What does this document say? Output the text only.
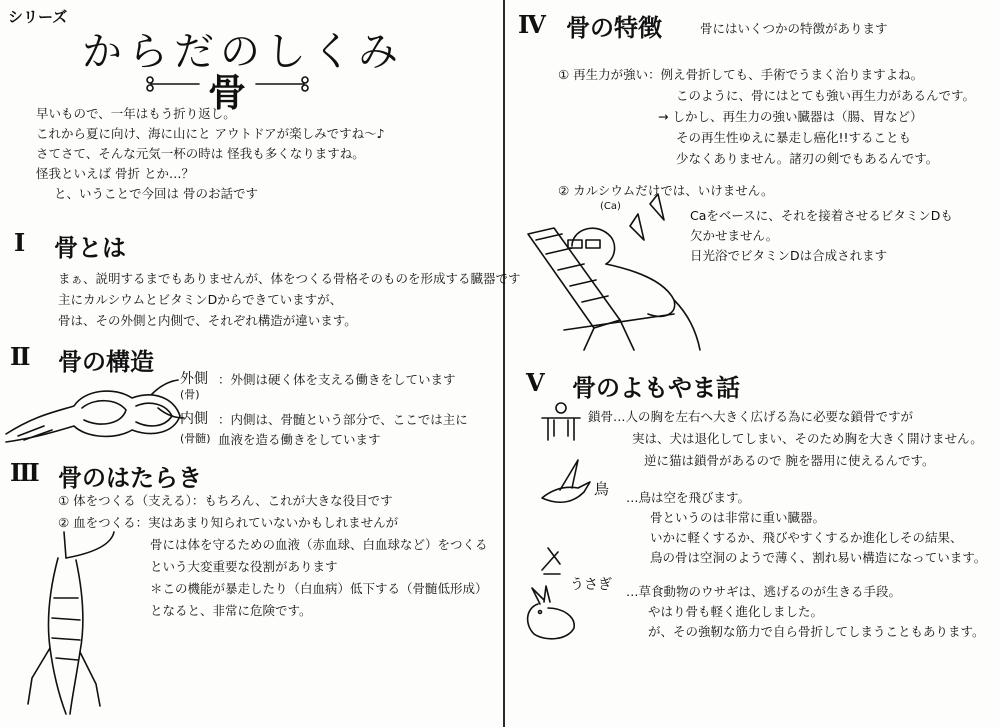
シリーズ
からだのしくみ
骨
早いもので、一年はもう折り返し。
これから夏に向け、海に山にと アウトドアが楽しみですね～♪
さてさて、そんな元気一杯の時は 怪我も多くなりますね。
怪我といえば 骨折 とか…？
と、いうことで今回は 骨のお話です
I 骨とは
まぁ、説明するまでもありませんが、体をつくる骨格そのものを形成する臓器です
主にカルシウムとビタミンDからできていますが、
骨は、その外側と内側で、それぞれ構造が違います。
II 骨の構造
外側
(骨)
：外側は硬く体を支える働きをしています
内側
(骨髄)
：内側は、骨髄という部分で、ここでは主に
血液を造る働きをしています
III 骨のはたらき
① 体をつくる（支える）：もちろん、これが大きな役目です
② 血をつくる：実はあまり知られていないかもしれませんが
骨には体を守るための血液（赤血球、白血球など）をつくる
という大変重要な役割があります
＊この機能が暴走したり（白血病）低下する（骨髄低形成）
となると、非常に危険です。
IV 骨の特徴	骨にはいくつかの特徴があります
① 再生力が強い：例え骨折しても、手術でうまく治りますよね。
このように、骨にはとても強い再生力があるんです。
→ しかし、再生力の強い臓器は（腸、胃など）
その再生性ゆえに暴走し癌化!!することも
少なくありません。諸刃の剣でもあるんです。
② カルシウムだけでは、いけません。
(Ca)
Caをベースに、それを接着させるビタミンDも
欠かせません。
日光浴でビタミンDは合成されます
V 骨のよもやま話
鎖骨…人の胸を左右へ大きく広げる為に必要な鎖骨ですが
実は、犬は退化してしまい、そのため胸を大きく開けません。
逆に猫は鎖骨があるので 腕を器用に使えるんです。
鳥 …鳥は空を飛びます。
骨というのは非常に重い臓器。
いかに軽くするか、飛びやすくするか進化しその結果、
鳥の骨は空洞のようで薄く、割れ易い構造になっています。
うさぎ …草食動物のウサギは、逃げるのが生きる手段。
やはり骨も軽く進化しました。
が、その強靭な筋力で自ら骨折してしまうこともあります。
